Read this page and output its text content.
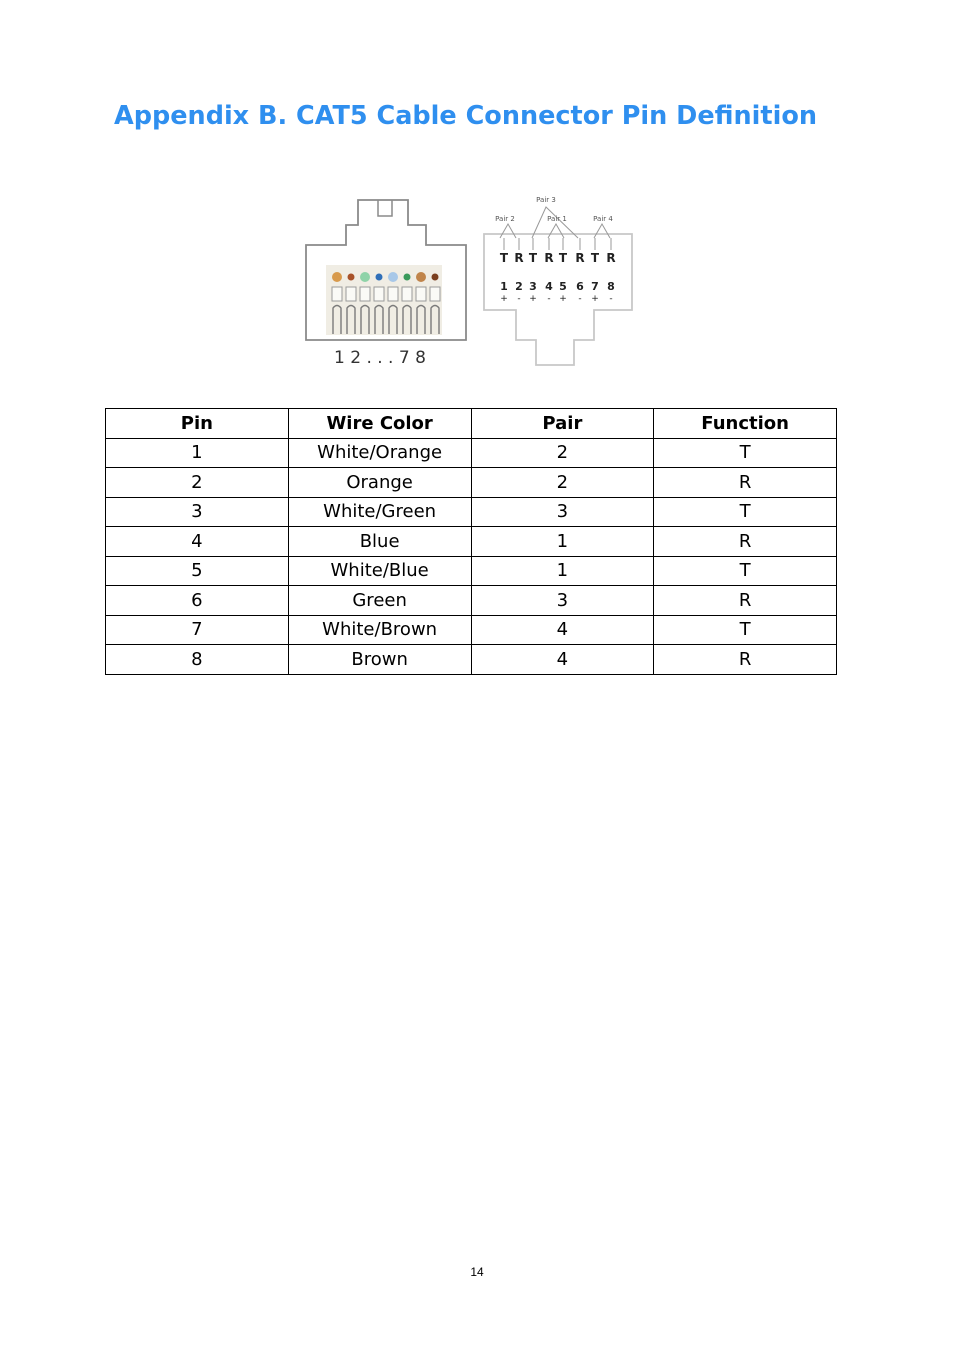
Appendix B. CAT5 Cable Connector Pin Definition
1 2 . . . 7 8
Pair 3
Pair 2	Pair 1	Pair 4
T R T R T R T R
1 2 3 4 5 6 7 8
+ - + - + - + -
Pin	Wire Color	Pair	Function
1	White/Orange	2	T
2	Orange	2	R
3	White/Green	3	T
4	Blue	1	R
5	White/Blue	1	T
6	Green	3	R
7	White/Brown	4	T
8	Brown	4	R
14
